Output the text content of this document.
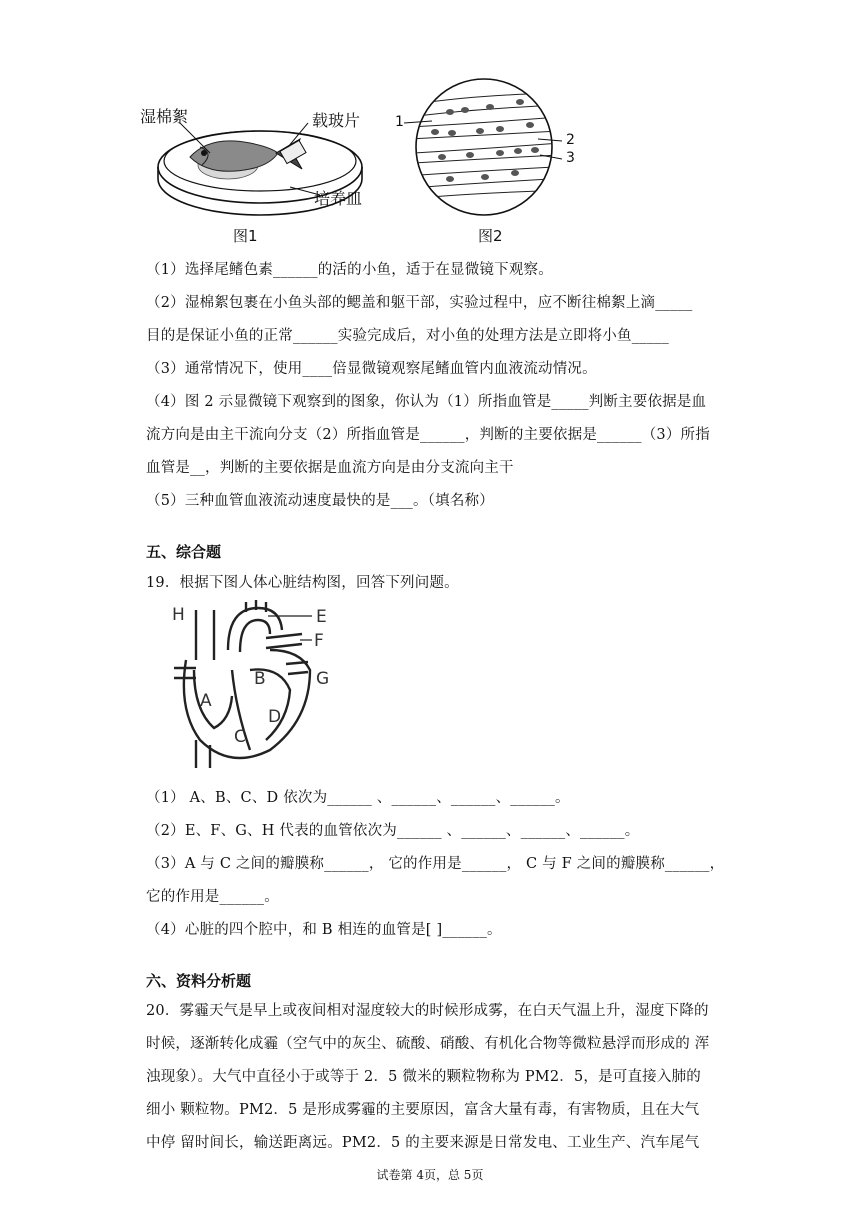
湿棉絮	载玻片
培养皿
图1
1
2
3
图2
（1）选择尾鳍色素______的活的小鱼，适于在显微镜下观察。
（2）湿棉絮包裹在小鱼头部的鳃盖和躯干部，实验过程中，应不断往棉絮上滴_____
目的是保证小鱼的正常______实验完成后，对小鱼的处理方法是立即将小鱼_____
（3）通常情况下，使用____倍显微镜观察尾鳍血管内血液流动情况。
（4）图 2 示显微镜下观察到的图象，你认为（1）所指血管是_____判断主要依据是血
流方向是由主干流向分支（2）所指血管是______，判断的主要依据是______（3）所指
血管是__，判断的主要依据是血流方向是由分支流向主干
（5）三种血管血液流动速度最快的是___。（填名称）
五、综合题
19．根据下图人体心脏结构图，回答下列问题。
H
A
B
C
D
E
F
G
（1） A、B、C、D 依次为______ 、______、______、______。
（2）E、F、G、H 代表的血管依次为______ 、______、______、______。
（3）A 与 C 之间的瓣膜称______， 它的作用是______， C 与 F 之间的瓣膜称______，
它的作用是______。
（4）心脏的四个腔中，和 B 相连的血管是[ ]______。
六、资料分析题
20．雾霾天气是早上或夜间相对湿度较大的时候形成雾，在白天气温上升，湿度下降的
时候，逐渐转化成霾（空气中的灰尘、硫酸、硝酸、有机化合物等微粒悬浮而形成的 浑
浊现象）。大气中直径小于或等于 2．5 微米的颗粒物称为 PM2．5，是可直接入肺的
细小 颗粒物。PM2．5 是形成雾霾的主要原因，富含大量有毒，有害物质，且在大气
中停 留时间长，输送距离远。PM2．5 的主要来源是日常发电、工业生产、汽车尾气
试卷第 4页，总 5页
